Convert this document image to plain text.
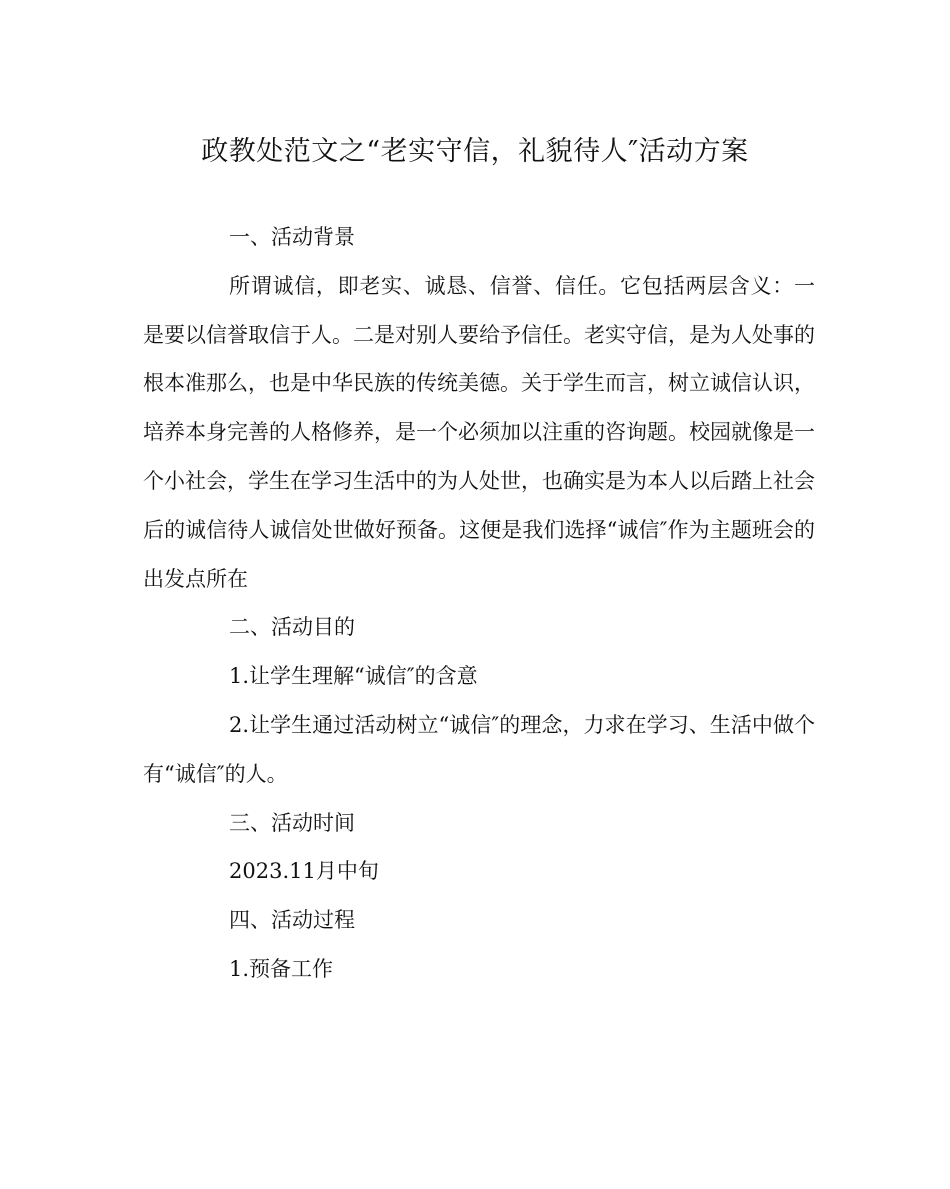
政教处范文之“老实守信，礼貌待人″活动方案

一、活动背景

所谓诚信，即老实、诚恳、信誉、信任。它包括两层含义：一是要以信誉取信于人。二是对别人要给予信任。老实守信，是为人处事的根本准那么，也是中华民族的传统美德。关于学生而言，树立诚信认识，培养本身完善的人格修养，是一个必须加以注重的咨询题。校园就像是一个小社会，学生在学习生活中的为人处世，也确实是为本人以后踏上社会后的诚信待人诚信处世做好预备。这便是我们选择“诚信″作为主题班会的出发点所在

二、活动目的

1.让学生理解“诚信″的含意

2.让学生通过活动树立“诚信″的理念，力求在学习、生活中做个有“诚信″的人。

三、活动时间

2023.11月中旬

四、活动过程

1.预备工作
